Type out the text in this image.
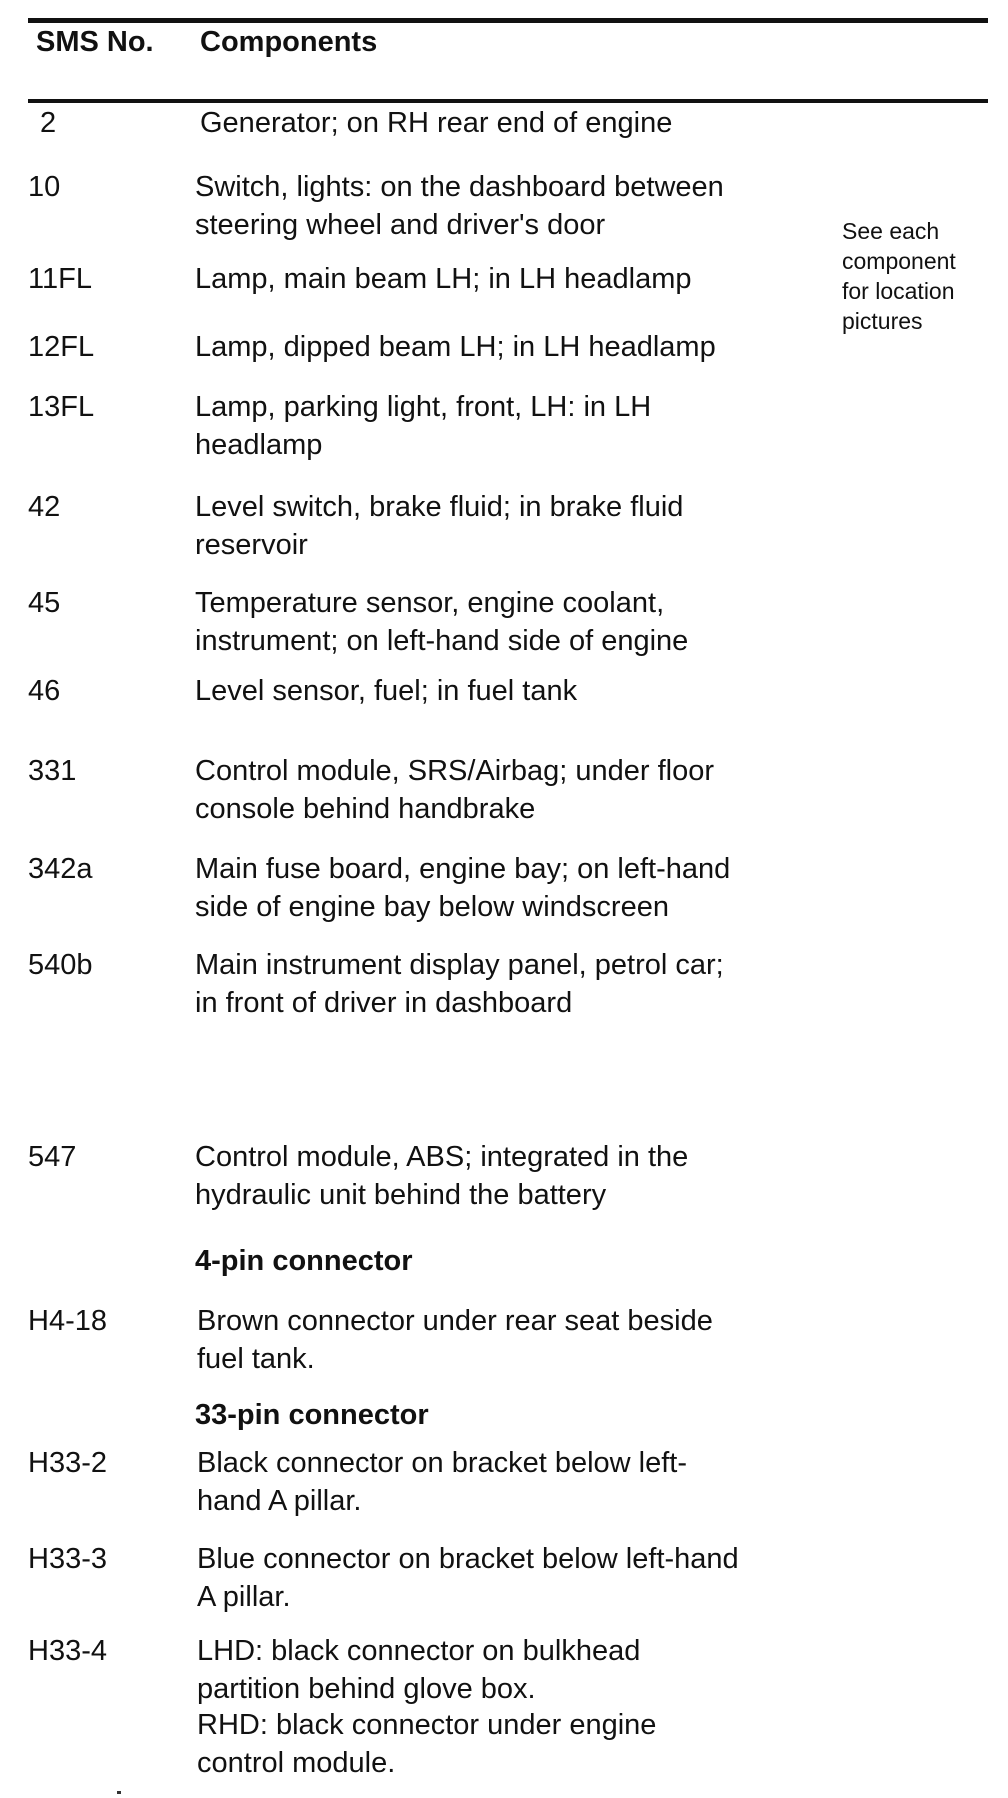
SMS No. Components
See each
component
for location
pictures
2	Generator; on RH rear end of engine
10	Switch, lights: on the dashboard between
steering wheel and driver's door
11FL	Lamp, main beam LH; in LH headlamp
12FL	Lamp, dipped beam LH; in LH headlamp
13FL	Lamp, parking light, front, LH: in LH
headlamp
42	Level switch, brake fluid; in brake fluid
reservoir
45	Temperature sensor, engine coolant,
instrument; on left-hand side of engine
46	Level sensor, fuel; in fuel tank
331	Control module, SRS/Airbag; under floor
console behind handbrake
342a	Main fuse board, engine bay; on left-hand
side of engine bay below windscreen
540b	Main instrument display panel, petrol car;
in front of driver in dashboard
547	Control module, ABS; integrated in the
hydraulic unit behind the battery
4-pin connector
H4-18	Brown connector under rear seat beside
fuel tank.
33-pin connector
H33-2	Black connector on bracket below left-
hand A pillar.
H33-3	Blue connector on bracket below left-hand
A pillar.
H33-4	LHD: black connector on bulkhead
partition behind glove box.
RHD: black connector under engine
control module.
